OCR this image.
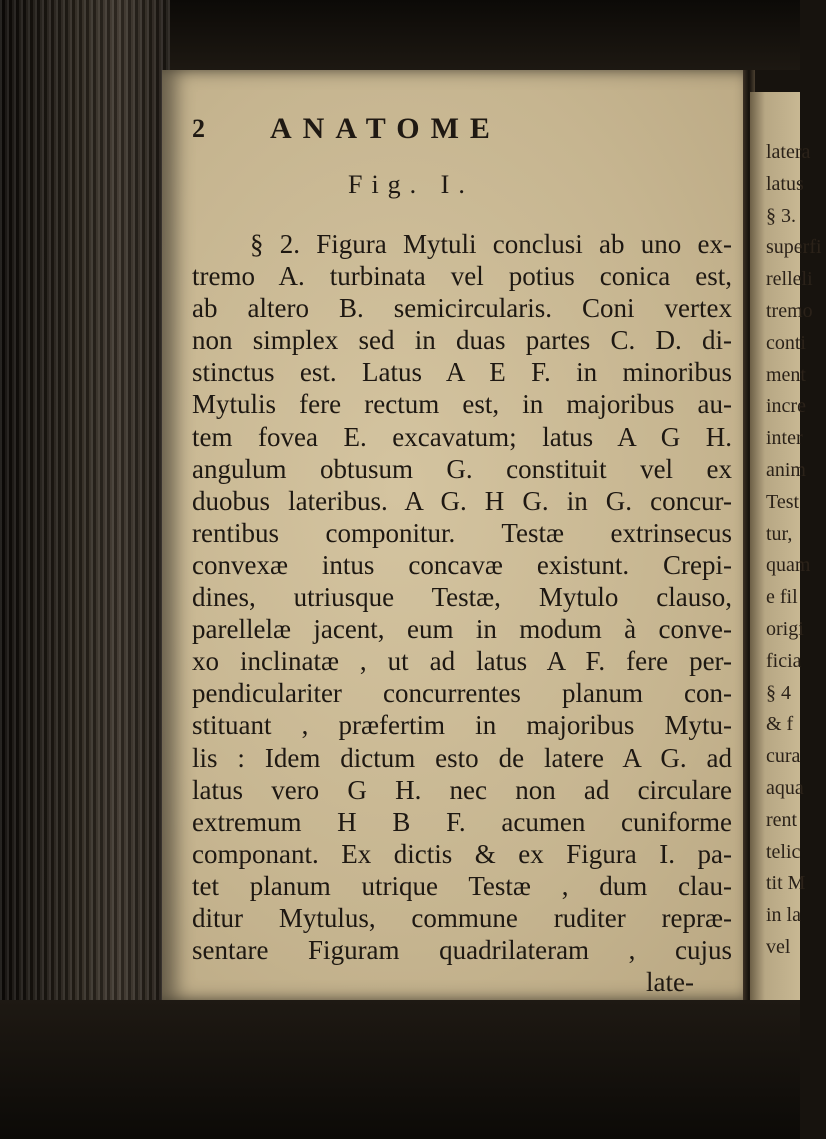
2 ANATOME
Fig. I.
§ 2. Figura Mytuli conclusi ab uno ex-
tremo A. turbinata vel potius conica est,
ab altero B. semicircularis. Coni vertex
non simplex sed in duas partes C. D. di-
stinctus est. Latus A E F. in minoribus
Mytulis fere rectum est, in majoribus au-
tem fovea E. excavatum; latus A G H.
angulum obtusum G. constituit vel ex
duobus lateribus. A G. H G. in G. concur-
rentibus componitur. Testæ extrinsecus
convexæ intus concavæ existunt. Crepi-
dines, utriusque Testæ, Mytulo clauso,
parellelæ jacent, eum in modum à conve-
xo inclinatæ , ut ad latus A F. fere per-
pendiculariter concurrentes planum con-
stituant , præfertim in majoribus Mytu-
lis : Idem dictum esto de latere A G. ad
latus vero G H. nec non ad circulare
extremum H B F. acumen cuniforme
componant. Ex dictis & ex Figura I. pa-
tet planum utrique Testæ , dum clau-
ditur Mytulus, commune ruditer repræ-
sentare Figuram quadrilateram , cujus
late-
latera
latus
§ 3.
superfi
relleli
tremo
conti
ment
incre
inter
anim
Test
tur,
quam
e fil
origi
ficia
§ 4
& f
cura
aqua
rent
telic
tit M
in la
vel
